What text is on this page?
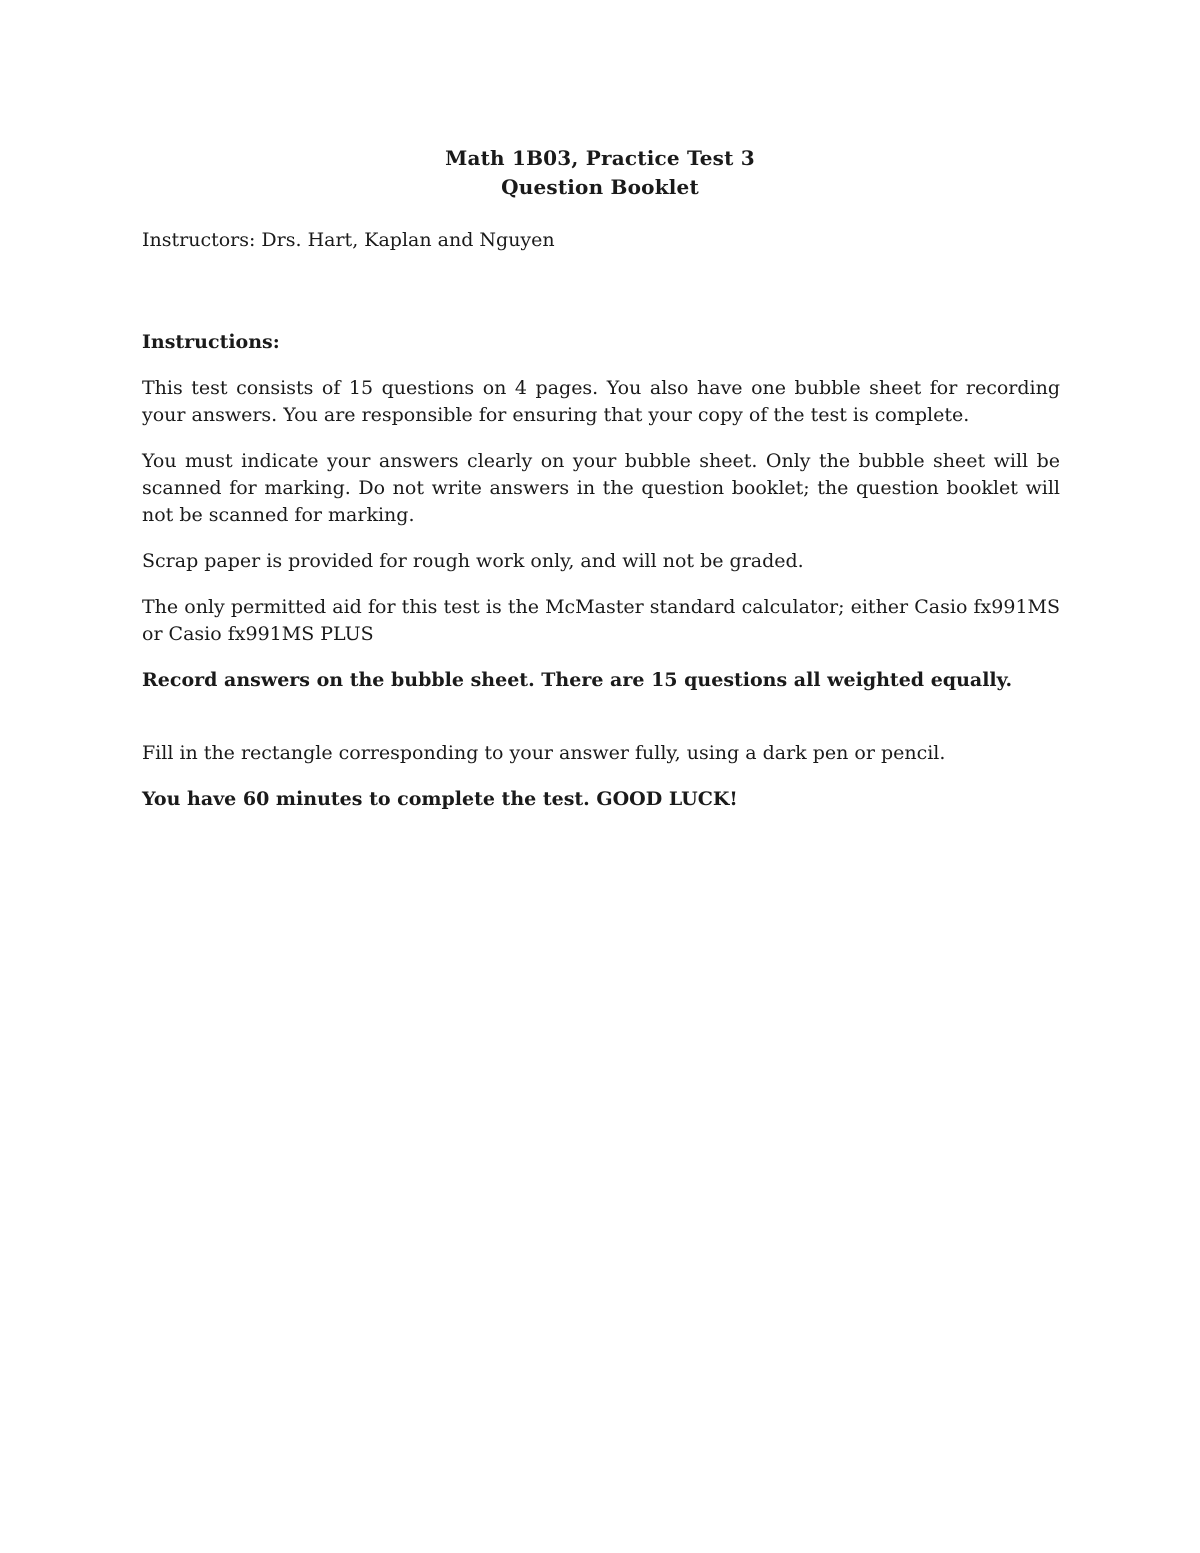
Math 1B03, Practice Test 3
Question Booklet
Instructors: Drs. Hart, Kaplan and Nguyen

Instructions:

This test consists of 15 questions on 4 pages. You also have one bubble sheet for recording your answers. You are responsible for ensuring that your copy of the test is complete.

You must indicate your answers clearly on your bubble sheet. Only the bubble sheet will be scanned for marking. Do not write answers in the question booklet; the question booklet will not be scanned for marking.

Scrap paper is provided for rough work only, and will not be graded.

The only permitted aid for this test is the McMaster standard calculator; either Casio fx991MS or Casio fx991MS PLUS

Record answers on the bubble sheet. There are 15 questions all weighted equally.

Fill in the rectangle corresponding to your answer fully, using a dark pen or pencil.

You have 60 minutes to complete the test. GOOD LUCK!
